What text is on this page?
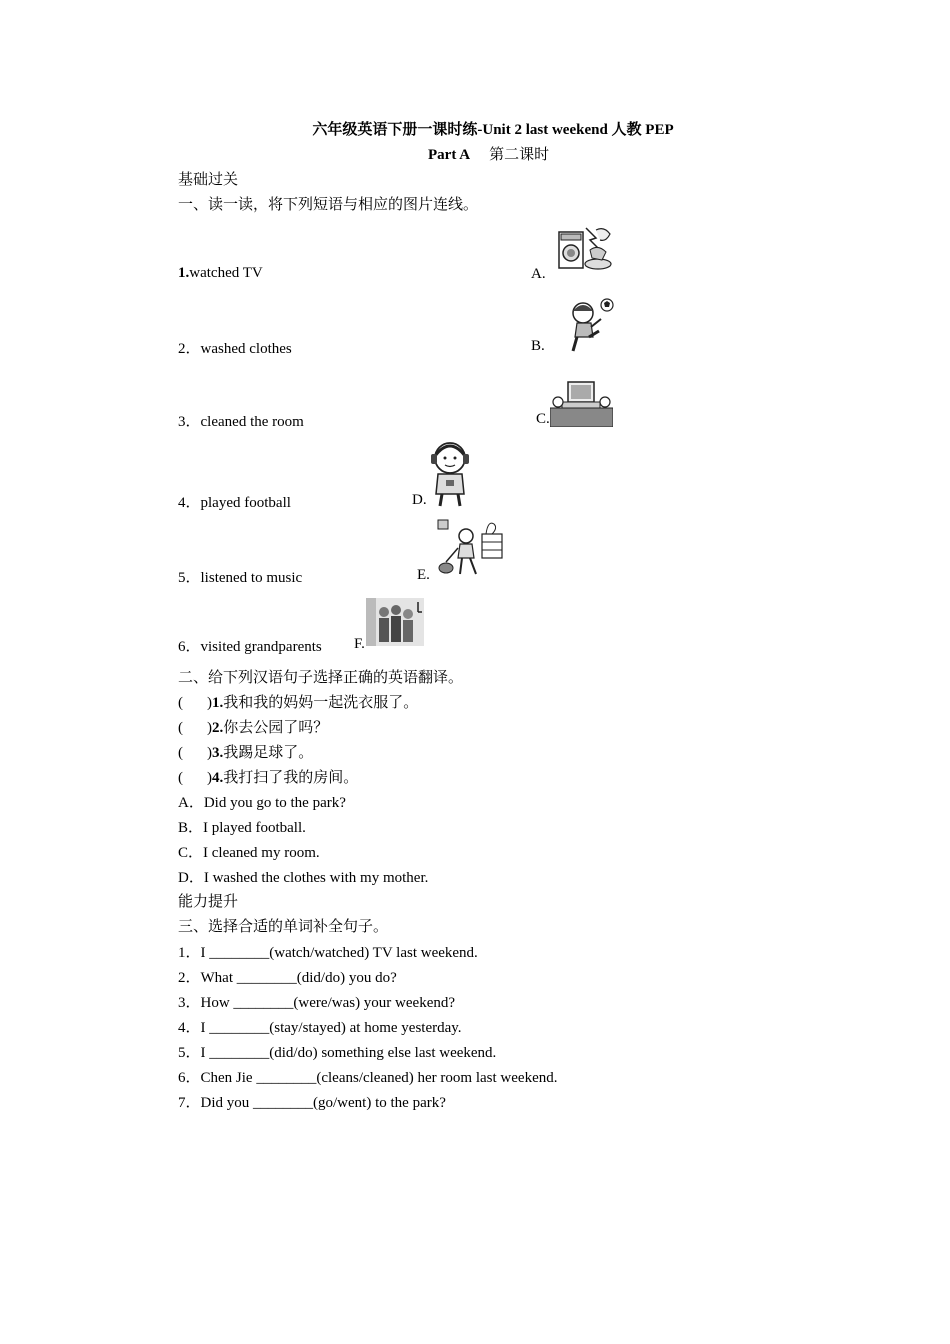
六年级英语下册一课时练-Unit 2 last weekend 人教 PEP
Part A 第二课时
基础过关
一、读一读，将下列短语与相应的图片连线。
1.watched TV	A.
2．washed clothes	B.
3．cleaned the room	C.
4．played football	D.
5．listened to music	E.
6．visited grandparents F.
二、给下列汉语句子选择正确的英语翻译。
( )1.我和我的妈妈一起洗衣服了。
( )2.你去公园了吗？
( )3.我踢足球了。
( )4.我打扫了我的房间。
A．Did you go to the park?
B．I played football.
C．I cleaned my room.
D．I washed the clothes with my mother.
能力提升
三、选择合适的单词补全句子。
1．I ________(watch/watched) TV last weekend.
2．What ________(did/do) you do?
3．How ________(were/was) your weekend?
4．I ________(stay/stayed) at home yesterday.
5．I ________(did/do) something else last weekend.
6．Chen Jie ________(cleans/cleaned) her room last weekend.
7．Did you ________(go/went) to the park?
